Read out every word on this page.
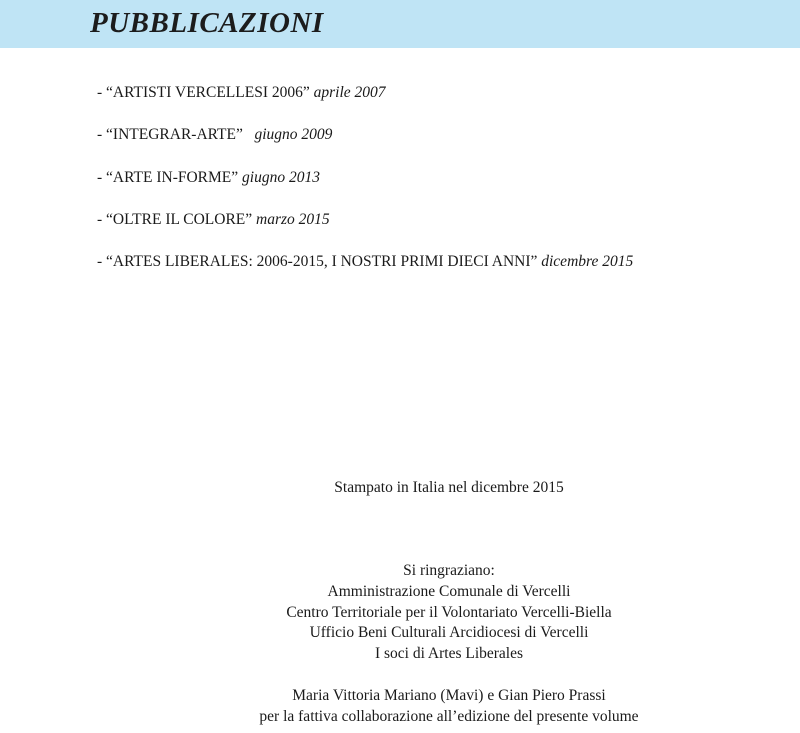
PUBBLICAZIONI
- “ARTISTI VERCELLESI 2006” aprile 2007
- “INTEGRAR-ARTE” giugno 2009
- “ARTE IN-FORME” giugno 2013
- “OLTRE IL COLORE” marzo 2015
- “ARTES LIBERALES: 2006-2015, I NOSTRI PRIMI DIECI ANNI” dicembre 2015
Stampato in Italia nel dicembre 2015
Si ringraziano:
Amministrazione Comunale di Vercelli
Centro Territoriale per il Volontariato Vercelli-Biella
Ufficio Beni Culturali Arcidiocesi di Vercelli
I soci di Artes Liberales
Maria Vittoria Mariano (Mavi) e Gian Piero Prassi
per la fattiva collaborazione all’edizione del presente volume
